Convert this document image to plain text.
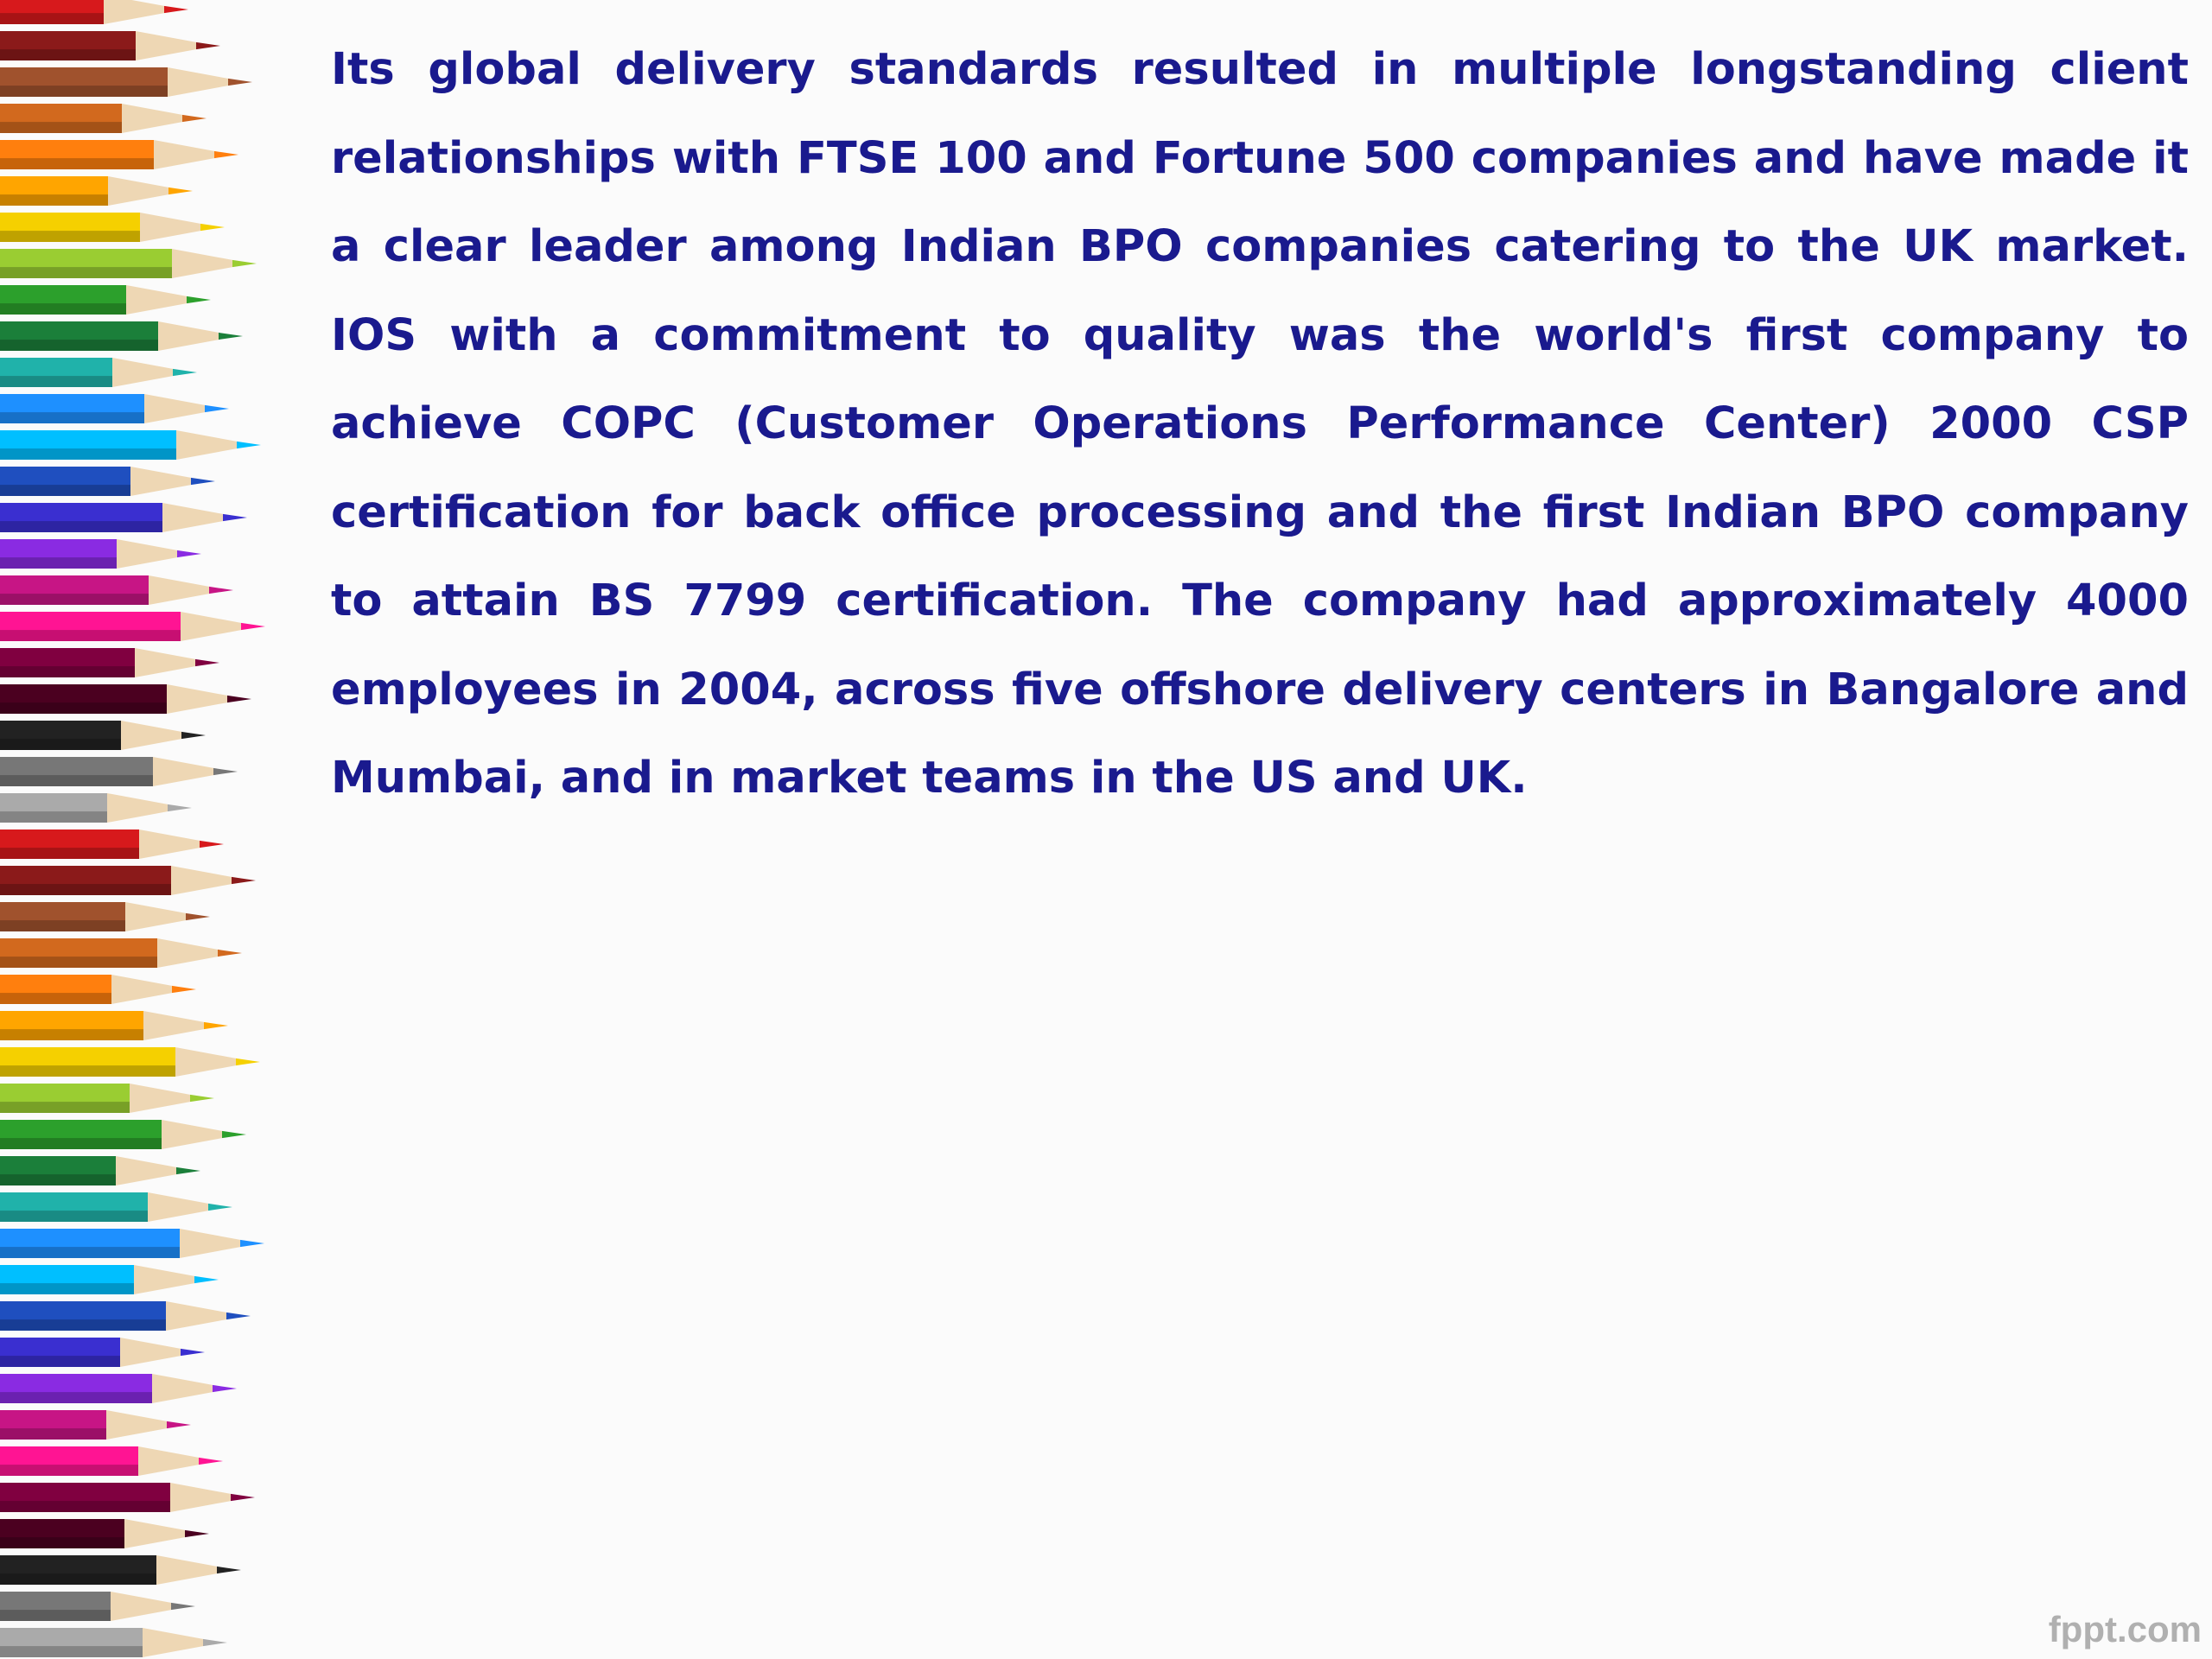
Its global delivery standards resulted in multiple longstanding client relationships with FTSE 100 and Fortune 500 companies and have made it a clear leader among Indian BPO companies catering to the UK market. IOS with a commitment to quality was the world's first company to achieve COPC (Customer Operations Performance Center) 2000 CSP certification for back office processing and the first Indian BPO company to attain BS 7799 certification. The company had approximately 4000 employees in 2004, across five offshore delivery centers in Bangalore and Mumbai, and in market teams in the US and UK.

fppt.com
